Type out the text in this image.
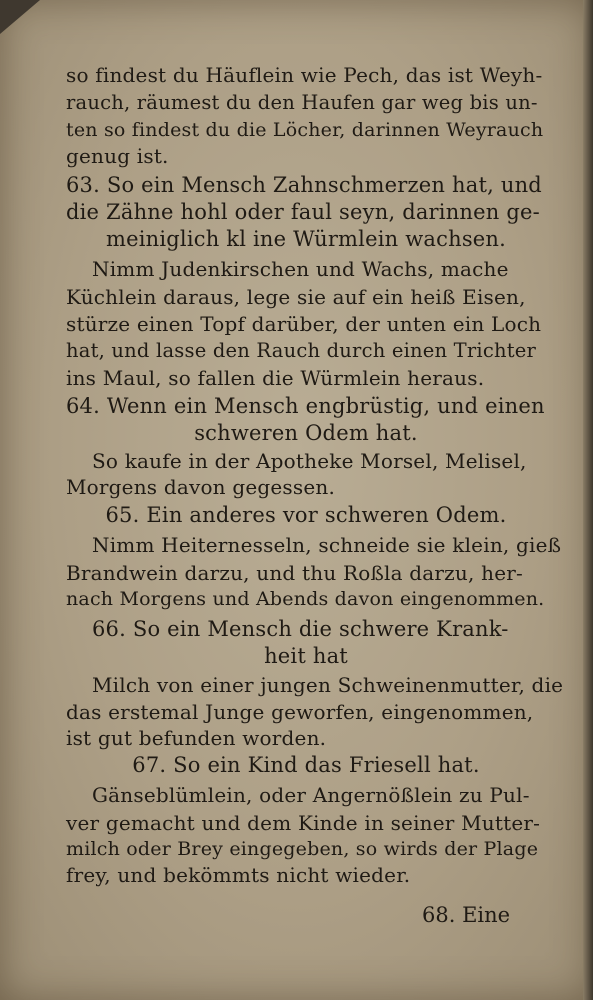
so findest du Häuflein wie Pech, das ist Weyh-
rauch, räumest du den Haufen gar weg bis un-
ten so findest du die Löcher, darinnen Weyrauch
genug ist.
63. So ein Mensch Zahnschmerzen hat, und
die Zähne hohl oder faul seyn, darinnen ge-
meiniglich kl ine Würmlein wachsen.
Nimm Judenkirschen und Wachs, mache
Küchlein daraus, lege sie auf ein heiß Eisen,
stürze einen Topf darüber, der unten ein Loch
hat, und lasse den Rauch durch einen Trichter
ins Maul, so fallen die Würmlein heraus.
64. Wenn ein Mensch engbrüstig, und einen
schweren Odem hat.
So kaufe in der Apotheke Morsel, Melisel,
Morgens davon gegessen.
65. Ein anderes vor schweren Odem.
Nimm Heiternesseln, schneide sie klein, gieß
Brandwein darzu, und thu Roßla darzu, her-
nach Morgens und Abends davon eingenommen.
66. So ein Mensch die schwere Krank-
heit hat
Milch von einer jungen Schweinenmutter, die
das erstemal Junge geworfen, eingenommen,
ist gut befunden worden.
67. So ein Kind das Friesell hat.
Gänseblümlein, oder Angernößlein zu Pul-
ver gemacht und dem Kinde in seiner Mutter-
milch oder Brey eingegeben, so wirds der Plage
frey, und bekömmts nicht wieder.
68. Eine
